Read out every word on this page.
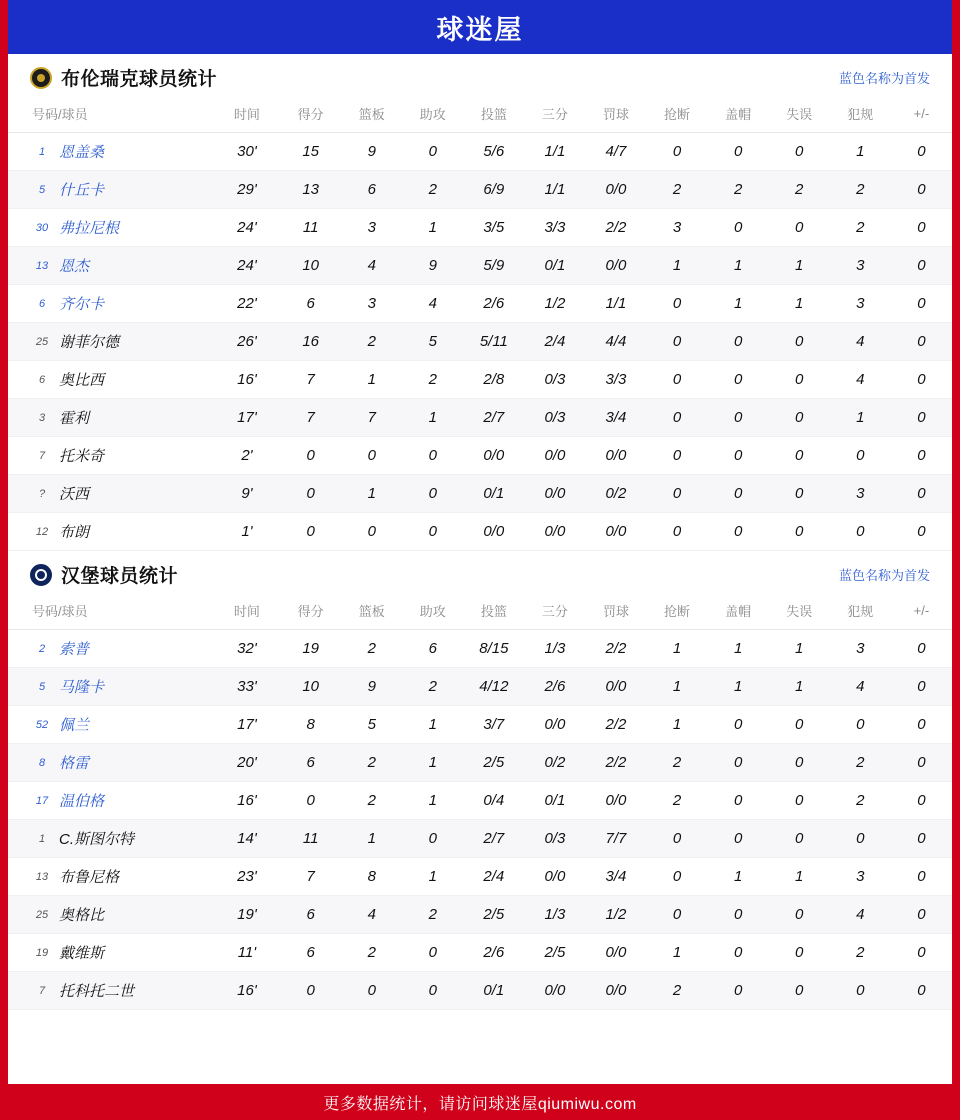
球迷屋
布伦瑞克球员统计	蓝色名称为首发
号码/球员	时间	得分	篮板	助攻	投篮	三分	罚球	抢断	盖帽	失误	犯规	+/-
1 恩盖桑	30'	15	9	0	5/6	1/1	4/7	0	0	0	1	0
5 什丘卡	29'	13	6	2	6/9	1/1	0/0	2	2	2	2	0
30 弗拉尼根	24'	11	3	1	3/5	3/3	2/2	3	0	0	2	0
13 恩杰	24'	10	4	9	5/9	0/1	0/0	1	1	1	3	0
6 齐尔卡	22'	6	3	4	2/6	1/2	1/1	0	1	1	3	0
25 谢菲尔德	26'	16	2	5	5/11	2/4	4/4	0	0	0	4	0
6 奥比西	16'	7	1	2	2/8	0/3	3/3	0	0	0	4	0
3 霍利	17'	7	7	1	2/7	0/3	3/4	0	0	0	1	0
7 托米奇	2'	0	0	0	0/0	0/0	0/0	0	0	0	0	0
? 沃西	9'	0	1	0	0/1	0/0	0/2	0	0	0	3	0
12 布朗	1'	0	0	0	0/0	0/0	0/0	0	0	0	0	0
汉堡球员统计	蓝色名称为首发
号码/球员	时间	得分	篮板	助攻	投篮	三分	罚球	抢断	盖帽	失误	犯规	+/-
2 索普	32'	19	2	6	8/15	1/3	2/2	1	1	1	3	0
5 马隆卡	33'	10	9	2	4/12	2/6	0/0	1	1	1	4	0
52 佩兰	17'	8	5	1	3/7	0/0	2/2	1	0	0	0	0
8 格雷	20'	6	2	1	2/5	0/2	2/2	2	0	0	2	0
17 温伯格	16'	0	2	1	0/4	0/1	0/0	2	0	0	2	0
1 C.斯图尔特	14'	11	1	0	2/7	0/3	7/7	0	0	0	0	0
13 布鲁尼格	23'	7	8	1	2/4	0/0	3/4	0	1	1	3	0
25 奥格比	19'	6	4	2	2/5	1/3	1/2	0	0	0	4	0
19 戴维斯	11'	6	2	0	2/6	2/5	0/0	1	0	0	2	0
7 托科托二世	16'	0	0	0	0/1	0/0	0/0	2	0	0	0	0
更多数据统计，请访问球迷屋qiumiwu.com
